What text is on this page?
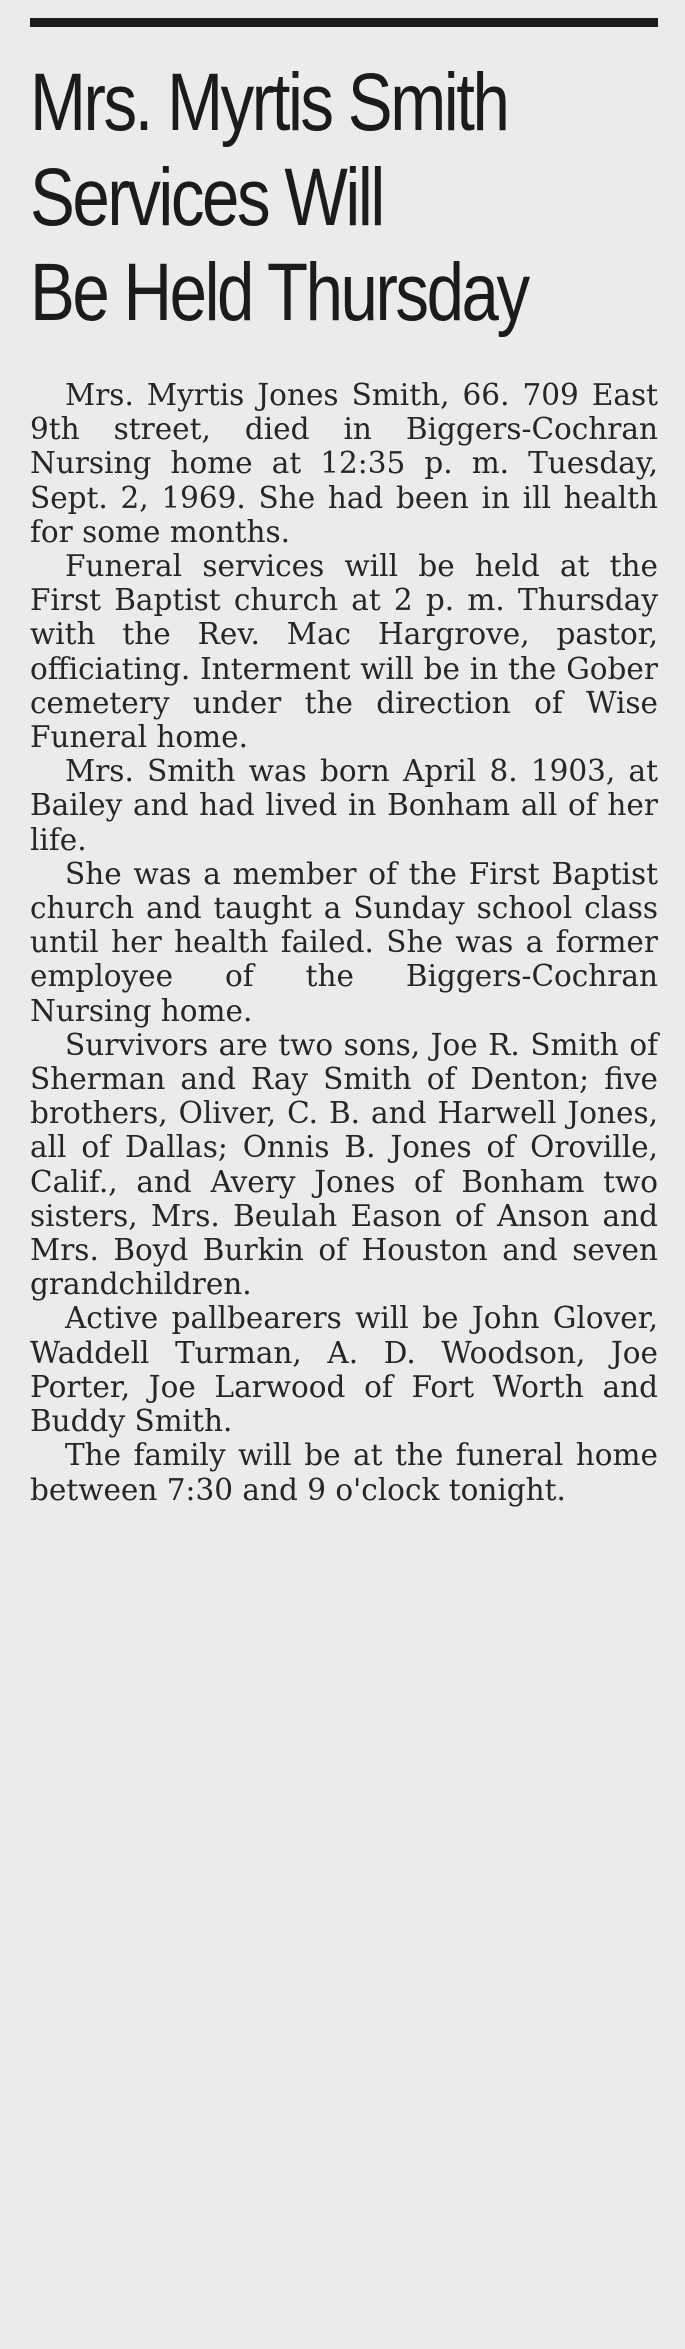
Mrs. Myrtis Smith
Services Will
Be Held Thursday

Mrs. Myrtis Jones Smith, 66. 709 East 9th street, died in Biggers-Cochran Nursing home at 12:35 p. m. Tuesday, Sept. 2, 1969. She had been in ill health for some months.

Funeral services will be held at the First Baptist church at 2 p. m. Thursday with the Rev. Mac Hargrove, pastor, officiating. Interment will be in the Gober cemetery under the direction of Wise Funeral home.

Mrs. Smith was born April 8. 1903, at Bailey and had lived in Bonham all of her life.

She was a member of the First Baptist church and taught a Sunday school class until her health failed. She was a former employee of the Biggers-Cochran Nursing home.

Survivors are two sons, Joe R. Smith of Sherman and Ray Smith of Denton; five brothers, Oliver, C. B. and Harwell Jones, all of Dallas; Onnis B. Jones of Oroville, Calif., and Avery Jones of Bonham two sisters, Mrs. Beulah Eason of Anson and Mrs. Boyd Burkin of Houston and seven grandchildren.

Active pallbearers will be John Glover, Waddell Turman, A. D. Woodson, Joe Porter, Joe Larwood of Fort Worth and Buddy Smith.

The family will be at the funeral home between 7:30 and 9 o'clock tonight.
